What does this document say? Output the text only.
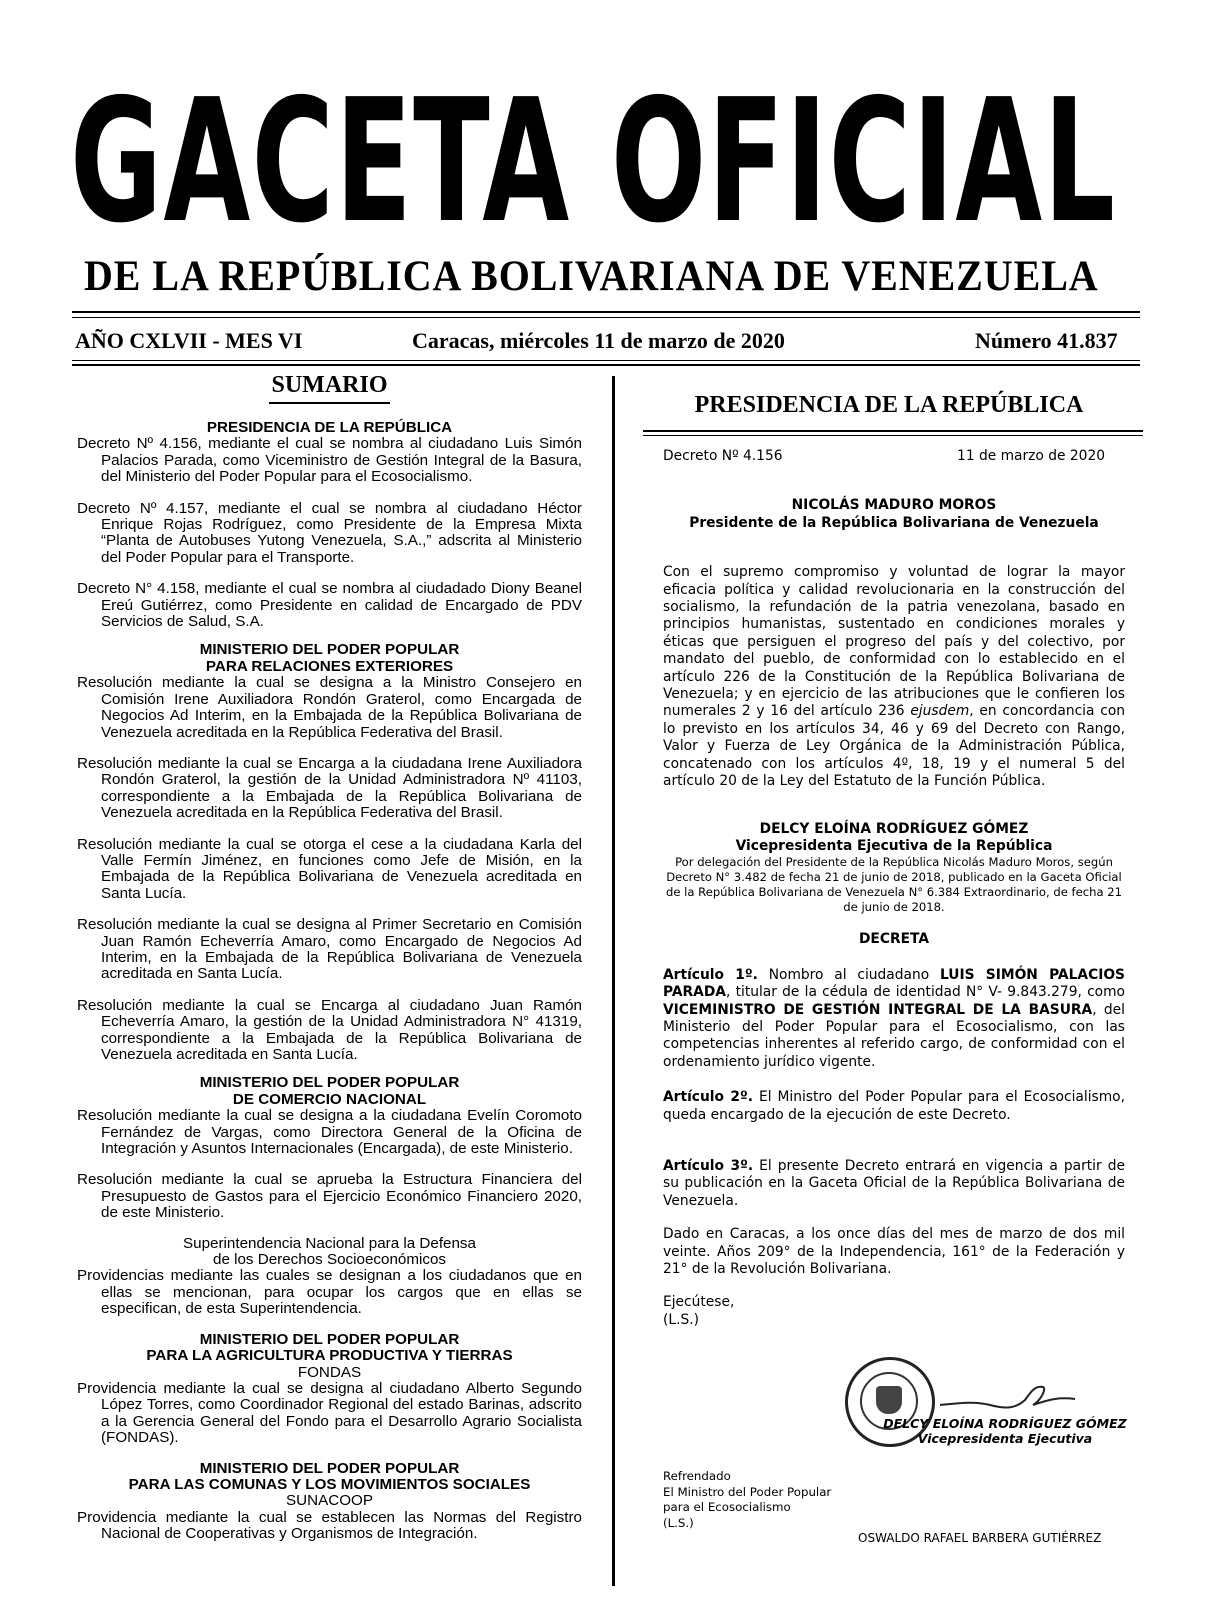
GACETA OFICIAL
DE LA REPÚBLICA BOLIVARIANA DE VENEZUELA
AÑO CXLVII - MES VI	Caracas, miércoles 11 de marzo de 2020	Número 41.837
SUMARIO
PRESIDENCIA DE LA REPÚBLICA

Decreto Nº 4.156, mediante el cual se nombra al ciudadano Luis Simón Palacios Parada, como Viceministro de Gestión Integral de la Basura, del Ministerio del Poder Popular para el Ecosocialismo.

Decreto Nº 4.157, mediante el cual se nombra al ciudadano Héctor Enrique Rojas Rodríguez, como Presidente de la Empresa Mixta “Planta de Autobuses Yutong Venezuela, S.A.,” adscrita al Ministerio del Poder Popular para el Transporte.

Decreto N° 4.158, mediante el cual se nombra al ciudadado Diony Beanel Ereú Gutiérrez, como Presidente en calidad de Encargado de PDV Servicios de Salud, S.A.

MINISTERIO DEL PODER POPULAR
PARA RELACIONES EXTERIORES

Resolución mediante la cual se designa a la Ministro Consejero en Comisión Irene Auxiliadora Rondón Graterol, como Encargada de Negocios Ad Interim, en la Embajada de la República Bolivariana de Venezuela acreditada en la República Federativa del Brasil.

Resolución mediante la cual se Encarga a la ciudadana Irene Auxiliadora Rondón Graterol, la gestión de la Unidad Administradora Nº 41103, correspondiente a la Embajada de la República Bolivariana de Venezuela acreditada en la República Federativa del Brasil.

Resolución mediante la cual se otorga el cese a la ciudadana Karla del Valle Fermín Jiménez, en funciones como Jefe de Misión, en la Embajada de la República Bolivariana de Venezuela acreditada en Santa Lucía.

Resolución mediante la cual se designa al Primer Secretario en Comisión Juan Ramón Echeverría Amaro, como Encargado de Negocios Ad Interim, en la Embajada de la República Bolivariana de Venezuela acreditada en Santa Lucía.

Resolución mediante la cual se Encarga al ciudadano Juan Ramón Echeverría Amaro, la gestión de la Unidad Administradora N° 41319, correspondiente a la Embajada de la República Bolivariana de Venezuela acreditada en Santa Lucía.

MINISTERIO DEL PODER POPULAR
DE COMERCIO NACIONAL

Resolución mediante la cual se designa a la ciudadana Evelín Coromoto Fernández de Vargas, como Directora General de la Oficina de Integración y Asuntos Internacionales (Encargada), de este Ministerio.

Resolución mediante la cual se aprueba la Estructura Financiera del Presupuesto de Gastos para el Ejercicio Económico Financiero 2020, de este Ministerio.

Superintendencia Nacional para la Defensa
de los Derechos Socioeconómicos

Providencias mediante las cuales se designan a los ciudadanos que en ellas se mencionan, para ocupar los cargos que en ellas se especifican, de esta Superintendencia.

MINISTERIO DEL PODER POPULAR
PARA LA AGRICULTURA PRODUCTIVA Y TIERRAS
FONDAS

Providencia mediante la cual se designa al ciudadano Alberto Segundo López Torres, como Coordinador Regional del estado Barinas, adscrito a la Gerencia General del Fondo para el Desarrollo Agrario Socialista (FONDAS).

MINISTERIO DEL PODER POPULAR
PARA LAS COMUNAS Y LOS MOVIMIENTOS SOCIALES
SUNACOOP

Providencia mediante la cual se establecen las Normas del Registro Nacional de Cooperativas y Organismos de Integración.

PRESIDENCIA DE LA REPÚBLICA
Decreto Nº 4.156	11 de marzo de 2020
NICOLÁS MADURO MOROS
Presidente de la República Bolivariana de Venezuela

Con el supremo compromiso y voluntad de lograr la mayor eficacia política y calidad revolucionaria en la construcción del socialismo, la refundación de la patria venezolana, basado en principios humanistas, sustentado en condiciones morales y éticas que persiguen el progreso del país y del colectivo, por mandato del pueblo, de conformidad con lo establecido en el artículo 226 de la Constitución de la República Bolivariana de Venezuela; y en ejercicio de las atribuciones que le confieren los numerales 2 y 16 del artículo 236 ejusdem, en concordancia con lo previsto en los artículos 34, 46 y 69 del Decreto con Rango, Valor y Fuerza de Ley Orgánica de la Administración Pública, concatenado con los artículos 4º, 18, 19 y el numeral 5 del artículo 20 de la Ley del Estatuto de la Función Pública.

DELCY ELOÍNA RODRÍGUEZ GÓMEZ
Vicepresidenta Ejecutiva de la República
Por delegación del Presidente de la República Nicolás Maduro Moros, según Decreto N° 3.482 de fecha 21 de junio de 2018, publicado en la Gaceta Oficial de la República Bolivariana de Venezuela N° 6.384 Extraordinario, de fecha 21 de junio de 2018.
DECRETA

Artículo 1º. Nombro al ciudadano LUIS SIMÓN PALACIOS PARADA, titular de la cédula de identidad N° V- 9.843.279, como VICEMINISTRO DE GESTIÓN INTEGRAL DE LA BASURA, del Ministerio del Poder Popular para el Ecosocialismo, con las competencias inherentes al referido cargo, de conformidad con el ordenamiento jurídico vigente.

Artículo 2º. El Ministro del Poder Popular para el Ecosocialismo, queda encargado de la ejecución de este Decreto.

Artículo 3º. El presente Decreto entrará en vigencia a partir de su publicación en la Gaceta Oficial de la República Bolivariana de Venezuela.

Dado en Caracas, a los once días del mes de marzo de dos mil veinte. Años 209° de la Independencia, 161° de la Federación y 21° de la Revolución Bolivariana.

Ejecútese,
(L.S.)
DELCY ELOÍNA RODRÍGUEZ GÓMEZ
Vicepresidenta Ejecutiva
Refrendado
El Ministro del Poder Popular
para el Ecosocialismo
(L.S.)
OSWALDO RAFAEL BARBERA GUTIÉRREZ
